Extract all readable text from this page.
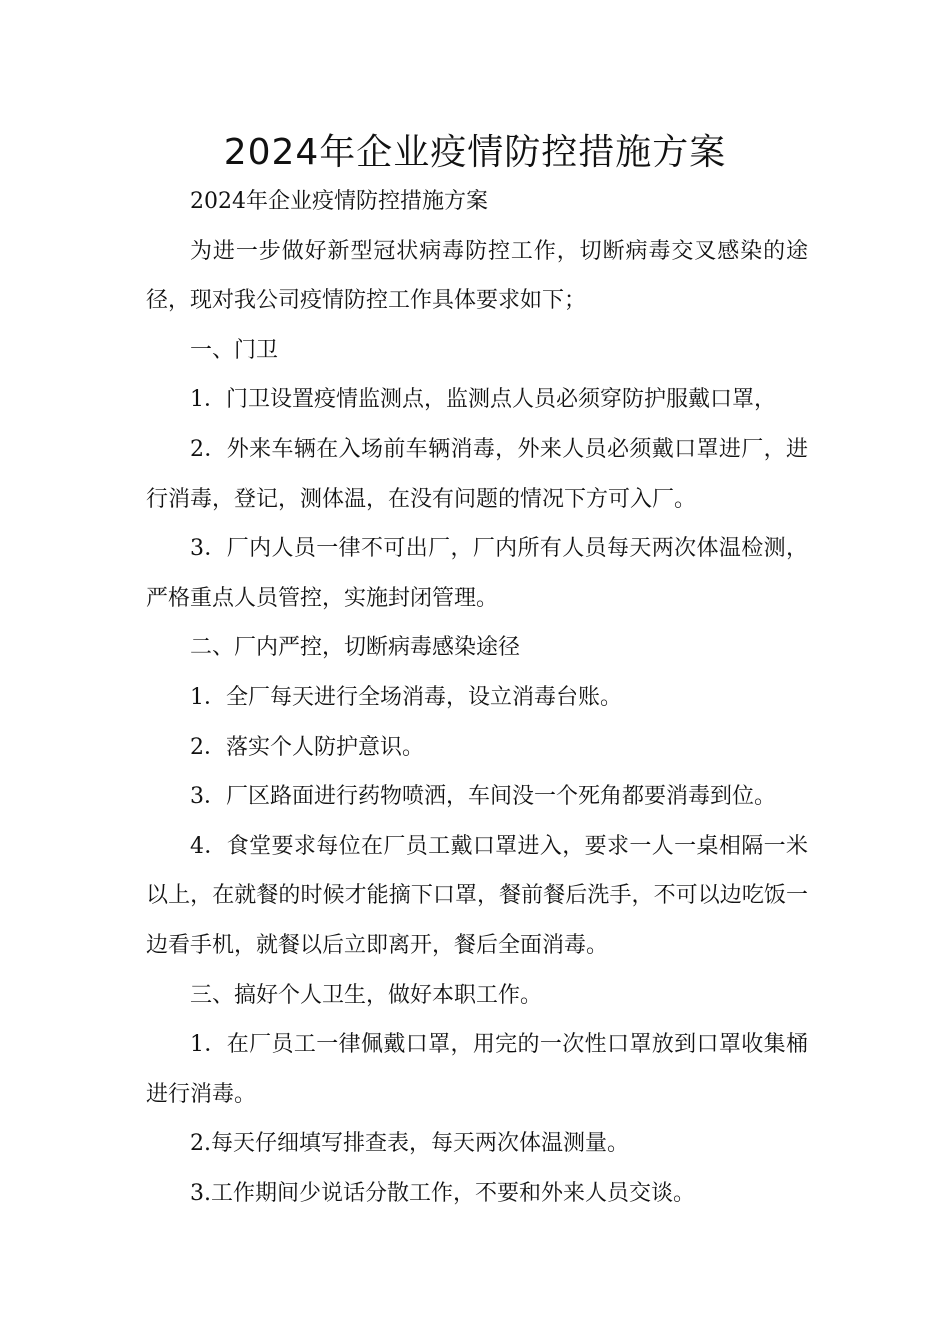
2024年企业疫情防控措施方案

2024年企业疫情防控措施方案

为进一步做好新型冠状病毒防控工作，切断病毒交叉感染的途径，现对我公司疫情防控工作具体要求如下；

一、门卫

1．门卫设置疫情监测点，监测点人员必须穿防护服戴口罩，

2．外来车辆在入场前车辆消毒，外来人员必须戴口罩进厂，进行消毒，登记，测体温，在没有问题的情况下方可入厂。

3．厂内人员一律不可出厂，厂内所有人员每天两次体温检测，严格重点人员管控，实施封闭管理。

二、厂内严控，切断病毒感染途径

1．全厂每天进行全场消毒，设立消毒台账。

2．落实个人防护意识。

3．厂区路面进行药物喷洒，车间没一个死角都要消毒到位。

4．食堂要求每位在厂员工戴口罩进入，要求一人一桌相隔一米以上，在就餐的时候才能摘下口罩，餐前餐后洗手，不可以边吃饭一边看手机，就餐以后立即离开，餐后全面消毒。

三、搞好个人卫生，做好本职工作。

1．在厂员工一律佩戴口罩，用完的一次性口罩放到口罩收集桶进行消毒。

2.每天仔细填写排查表，每天两次体温测量。

3.工作期间少说话分散工作，不要和外来人员交谈。
